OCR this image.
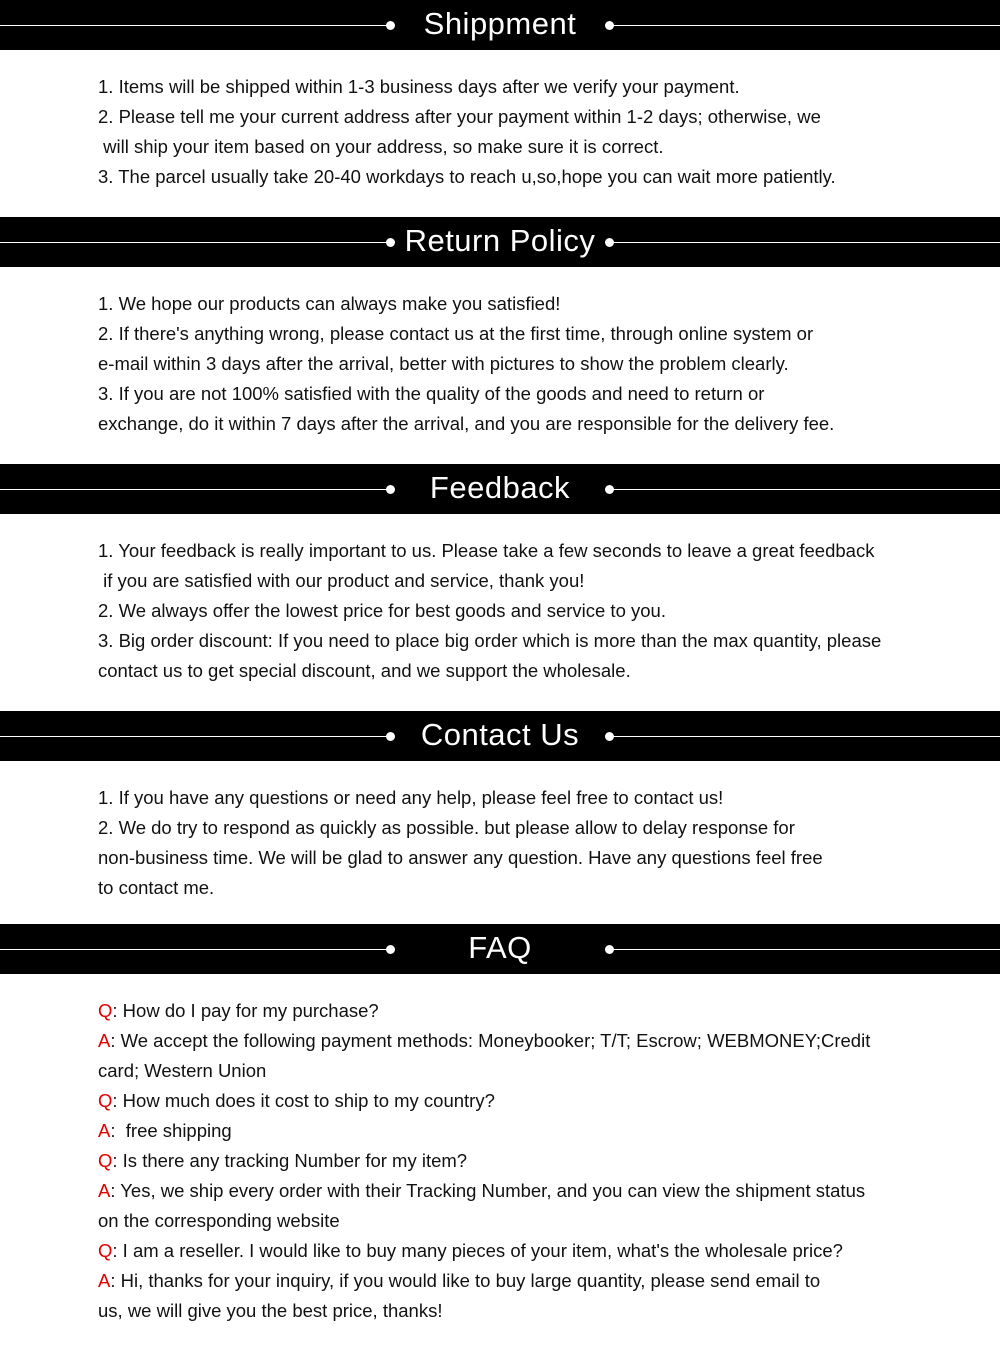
Shippment
1. Items will be shipped within 1-3 business days after we verify your payment.
2. Please tell me your current address after your payment within 1-2 days; otherwise, we
will ship your item based on your address, so make sure it is correct.
3. The parcel usually take 20-40 workdays to reach u,so,hope you can wait more patiently.
Return Policy
1. We hope our products can always make you satisfied!
2. If there's anything wrong, please contact us at the first time, through online system or
e-mail within 3 days after the arrival, better with pictures to show the problem clearly.
3. If you are not 100% satisfied with the quality of the goods and need to return or
exchange, do it within 7 days after the arrival, and you are responsible for the delivery fee.
Feedback
1. Your feedback is really important to us. Please take a few seconds to leave a great feedback
if you are satisfied with our product and service, thank you!
2. We always offer the lowest price for best goods and service to you.
3. Big order discount: If you need to place big order which is more than the max quantity, please
contact us to get special discount, and we support the wholesale.
Contact Us
1. If you have any questions or need any help, please feel free to contact us!
2. We do try to respond as quickly as possible. but please allow to delay response for
non-business time. We will be glad to answer any question. Have any questions feel free
to contact me.
FAQ
Q: How do I pay for my purchase?
A: We accept the following payment methods: Moneybooker; T/T; Escrow; WEBMONEY;Credit
card; Western Union
Q: How much does it cost to ship to my country?
A:  free shipping
Q: Is there any tracking Number for my item?
A: Yes, we ship every order with their Tracking Number, and you can view the shipment status
on the corresponding website
Q: I am a reseller. I would like to buy many pieces of your item, what's the wholesale price?
A: Hi, thanks for your inquiry, if you would like to buy large quantity, please send email to
us, we will give you the best price, thanks!
